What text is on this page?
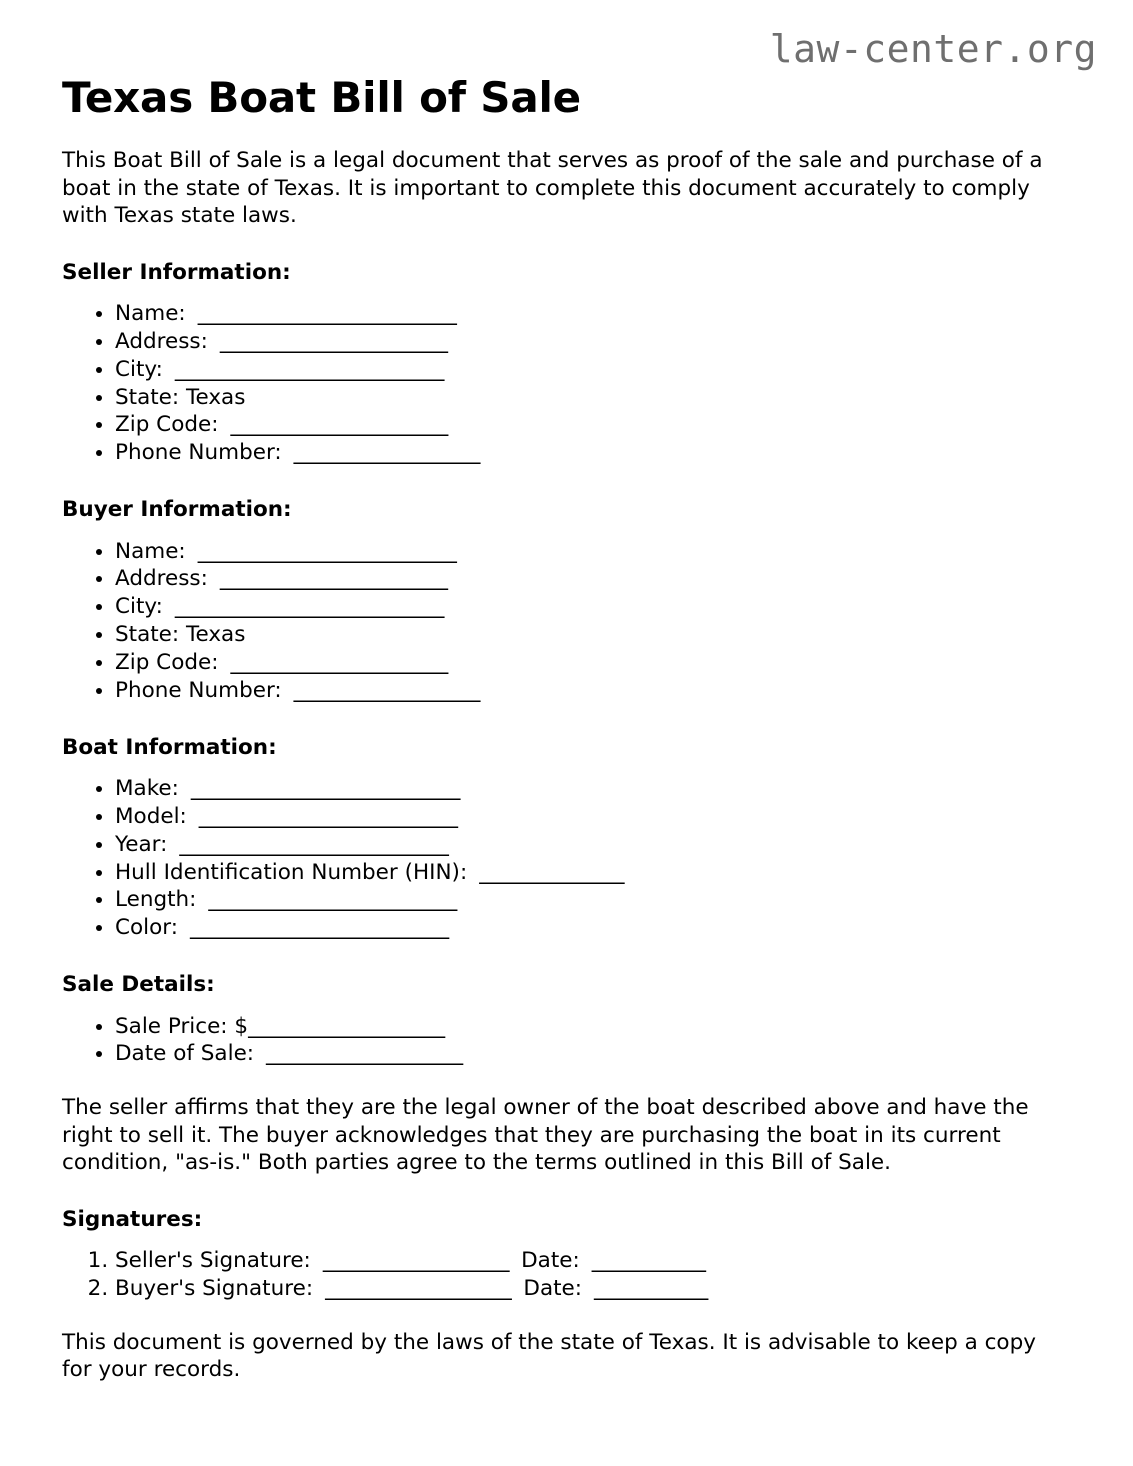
law-center.org
Texas Boat Bill of Sale

This Boat Bill of Sale is a legal document that serves as proof of the sale and purchase of a boat in the state of Texas. It is important to complete this document accurately to comply with Texas state laws.

Seller Information:
• Name: _________________________
• Address: ______________________
• City: __________________________
• State: Texas
• Zip Code: _____________________
• Phone Number: __________________
Buyer Information:
• Name: _________________________
• Address: ______________________
• City: __________________________
• State: Texas
• Zip Code: _____________________
• Phone Number: __________________
Boat Information:
• Make: __________________________
• Model: _________________________
• Year: __________________________
• Hull Identification Number (HIN): ______________
• Length: ________________________
• Color: _________________________
Sale Details:
• Sale Price: $___________________
• Date of Sale: ___________________

The seller affirms that they are the legal owner of the boat described above and have the right to sell it. The buyer acknowledges that they are purchasing the boat in its current condition, "as-is." Both parties agree to the terms outlined in this Bill of Sale.

Signatures:
1. Seller's Signature: __________________ Date: ___________
2. Buyer's Signature: __________________ Date: ___________

This document is governed by the laws of the state of Texas. It is advisable to keep a copy for your records.
